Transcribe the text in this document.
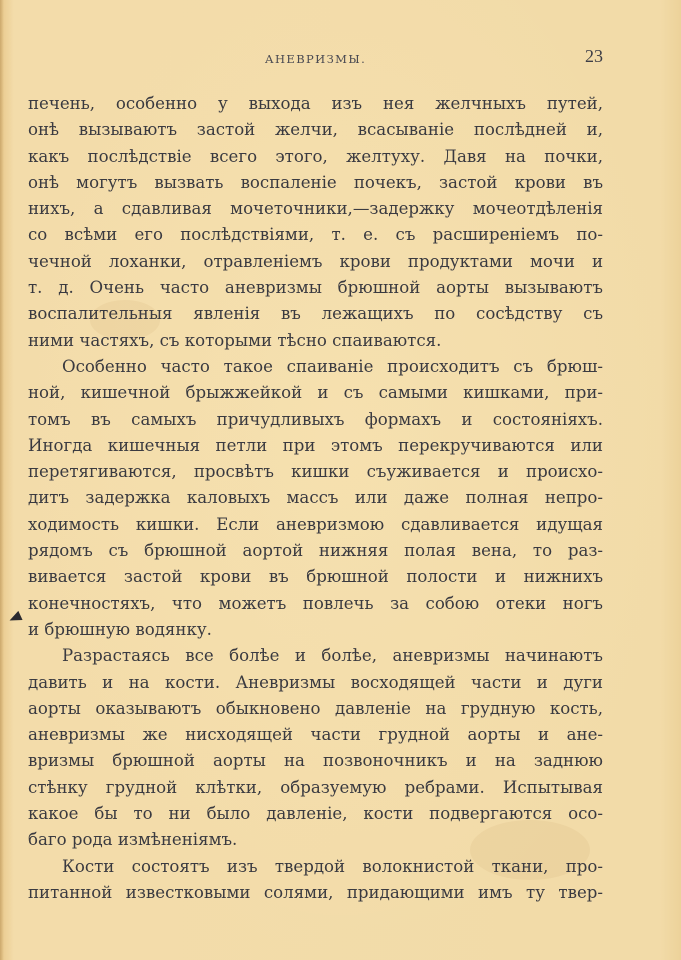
АНЕВРИЗМЫ.	23
печень, особенно у выхода изъ нея желчныхъ путей,
онѣ вызываютъ застой желчи, всасываніе послѣдней и,
какъ послѣдствіе всего этого, желтуху. Давя на почки,
онѣ могутъ вызвать воспаленіе почекъ, застой крови въ
нихъ, а сдавливая мочеточники,—задержку мочеотдѣленія
со всѣми его послѣдствіями, т. е. съ расширеніемъ по-
чечной лоханки, отравленіемъ крови продуктами мочи и
т. д. Очень часто аневризмы брюшной аорты вызываютъ
воспалительныя явленія въ лежащихъ по сосѣдству съ
ними частяхъ, съ которыми тѣсно спаиваются.
Особенно часто такое спаиваніе происходитъ съ брюш-
ной, кишечной брыжжейкой и съ самыми кишками, при-
томъ въ самыхъ причудливыхъ формахъ и состояніяхъ.
Иногда кишечныя петли при этомъ перекручиваются или
перетягиваются, просвѣтъ кишки съуживается и происхо-
дитъ задержка каловыхъ массъ или даже полная непро-
ходимость кишки. Если аневризмою сдавливается идущая
рядомъ съ брюшной аортой нижняя полая вена, то раз-
вивается застой крови въ брюшной полости и нижнихъ
конечностяхъ, что можетъ повлечь за собою отеки ногъ
и брюшную водянку.
Разрастаясь все болѣе и болѣе, аневризмы начинаютъ
давить и на кости. Аневризмы восходящей части и дуги
аорты оказываютъ обыкновено давленіе на грудную кость,
аневризмы же нисходящей части грудной аорты и ане-
вризмы брюшной аорты на позвоночникъ и на заднюю
стѣнку грудной клѣтки, образуемую ребрами. Испытывая
какое бы то ни было давленіе, кости подвергаются осо-
баго рода измѣненіямъ.
Кости состоятъ изъ твердой волокнистой ткани, про-
питанной известковыми солями, придающими имъ ту твер-
